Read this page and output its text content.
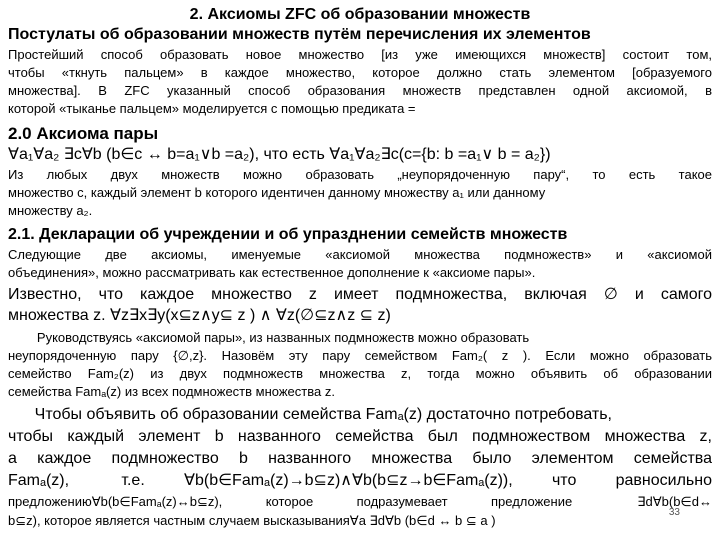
2. Аксиомы ZFC об образовании множеств
Постулаты об образовании множеств путём перечисления их элементов
Простейший способ образовать новое множество [из уже имеющихся множеств] состоит том,
чтобы «ткнуть пальцем» в каждое множество, которое должно стать элементом [образуемого
множества]. В ZFC указанный способ образования множеств представлен одной аксиомой, в
которой «тыканье пальцем» моделируется с помощью предиката =
2.0 Аксиома пары
∀a₁∀a₂ ∃c∀b (b∈c ↔ b=a₁∨b =a₂), что есть ∀a₁∀a₂∃c(c={b: b =a₁∨ b = a₂})
Из любых двух множеств можно образовать „неупорядоченную пару“, то есть такое
множество с, каждый элемент b которого идентичен данному множеству a₁ или данному
множеству a₂.
2.1. Декларации об учреждении и об упразднении семейств множеств
Следующие две аксиомы, именуемые «аксиомой множества подмножеств» и «аксиомой
объединения», можно рассматривать как естественное дополнение к «аксиоме пары».
Известно, что каждое множество z имеет подмножества, включая ∅ и самого
множества z. ∀z∃x∃y(x⊆z∧y⊆ z ) ∧ ∀z(∅⊆z∧z ⊆ z)
Руководствуясь «аксиомой пары», из названных подмножеств можно образовать
неупорядоченную пару {∅,z}. Назовём эту пару семейством Fam₂( z ). Если можно образовать
семейство Fam₂(z) из двух подмножеств множества z, тогда можно объявить об образовании
семейства Famₐ(z) из всех подмножеств множества z.
Чтобы объявить об образовании семейства Famₐ(z) достаточно потребовать,
чтобы каждый элемент b названного семейства был подмножеством множества z,
а каждое подмножество b названного множества было элементом семейства
Famₐ(z),    т.е.   ∀b(b∈Famₐ(z)→b⊆z)∧∀b(b⊆z→b∈Famₐ(z)),   что   равносильно
предложению∀b(b∈Famₐ(z)↔b⊆z),  которое  подразумевает  предложение   ∃d∀b(b∈d↔
b⊆z), которое является частным случаем высказывания∀a ∃d∀b (b∈d ↔ b ⊆ a )
33
